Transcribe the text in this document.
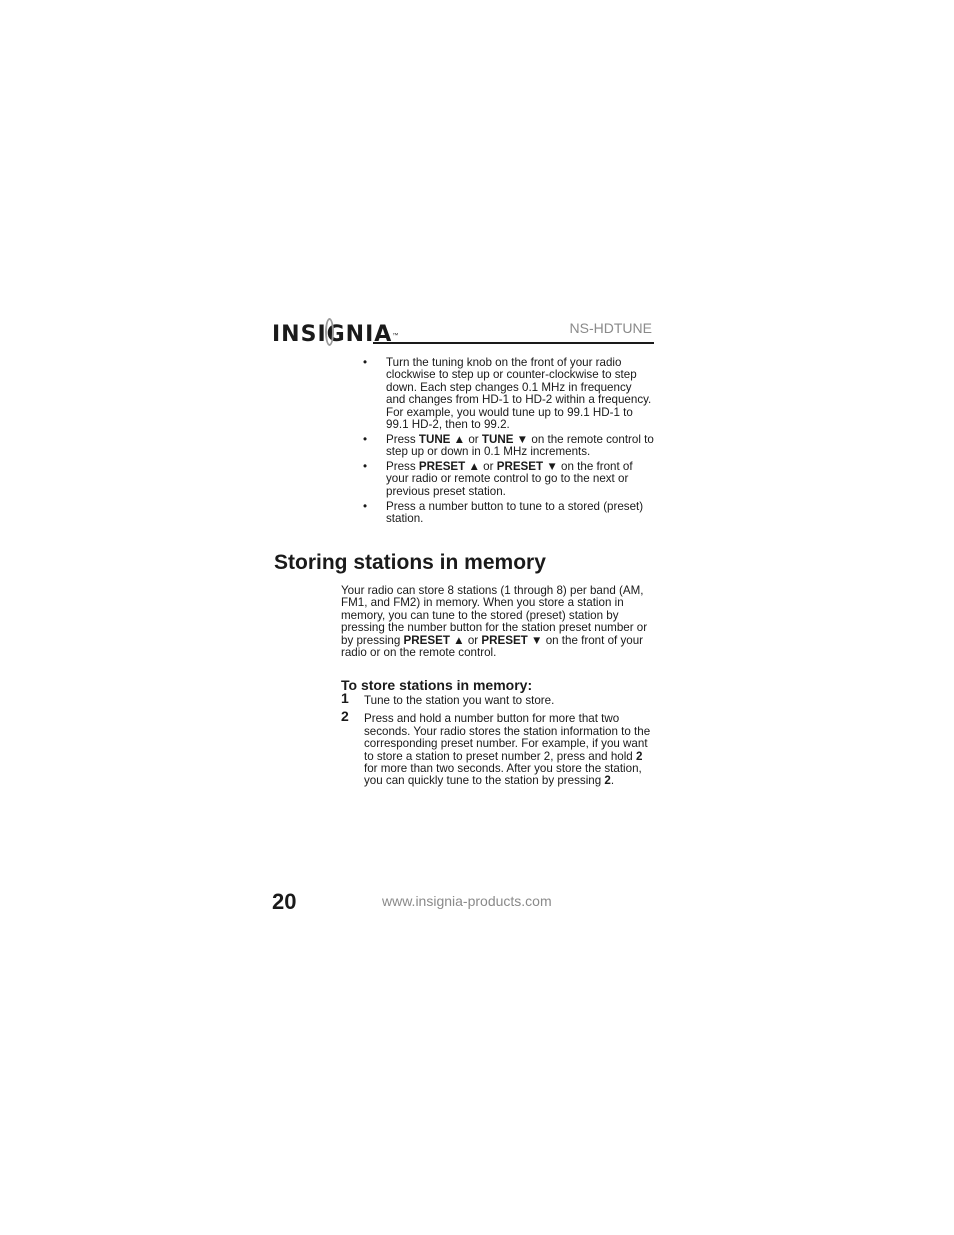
INSIGNIA ™	NS-HDTUNE
• Turn the tuning knob on the front of your radio clockwise to step up or counter-clockwise to step down. Each step changes 0.1 MHz in frequency and changes from HD-1 to HD-2 within a frequency. For example, you would tune up to 99.1 HD-1 to 99.1 HD-2, then to 99.2.
• Press TUNE ▲ or TUNE ▼ on the remote control to step up or down in 0.1 MHz increments.
• Press PRESET ▲ or PRESET ▼ on the front of your radio or remote control to go to the next or previous preset station.
• Press a number button to tune to a stored (preset) station.
Storing stations in memory

Your radio can store 8 stations (1 through 8) per band (AM, FM1, and FM2) in memory. When you store a station in memory, you can tune to the stored (preset) station by pressing the number button for the station preset number or by pressing PRESET ▲ or PRESET ▼ on the front of your radio or on the remote control.

To store stations in memory:
1 Tune to the station you want to store.
2 Press and hold a number button for more that two seconds. Your radio stores the station information to the corresponding preset number. For example, if you want to store a station to preset number 2, press and hold 2 for more than two seconds. After you store the station, you can quickly tune to the station by pressing 2.
20	www.insignia-products.com
